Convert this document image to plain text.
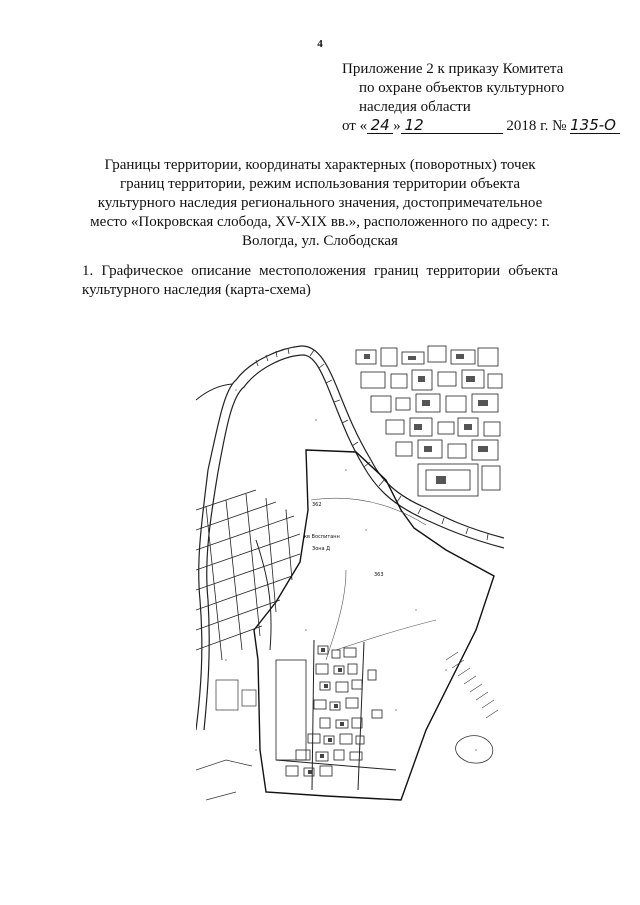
4
Приложение 2 к приказу Комитета
по охране объектов культурного
наследия области
от « 24 » 12	2018 г. № 135-О
Границы территории, координаты характерных (поворотных) точек границ территории, режим использования территории объекта культурного наследия регионального значения, достопримечательное место «Покровская слобода, XV-XIX вв.», расположенного по адресу: г. Вологда, ул. Слободская
1. Графическое описание местоположения границ территории объекта культурного наследия (карта-схема)
362
кв Воспитанн
Зона Д
363
